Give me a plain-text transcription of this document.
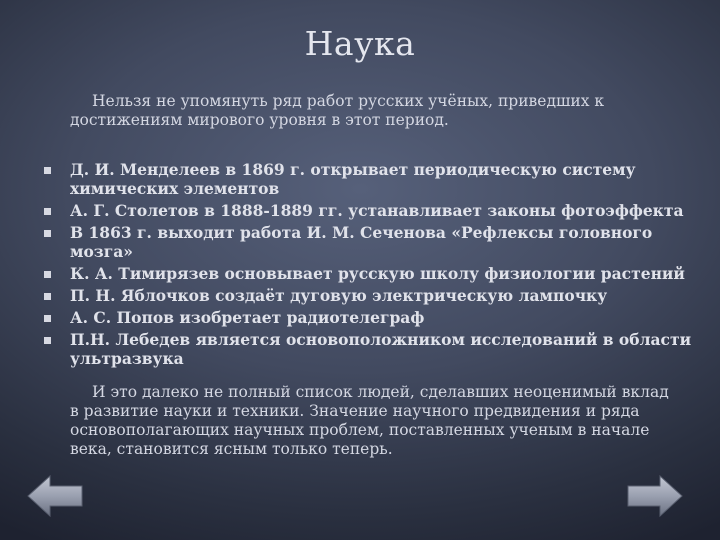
Наука
Нельзя не упомянуть ряд работ русских учёных, приведших к достижениям мирового уровня в этот период.
Д. И. Менделеев в 1869 г. открывает периодическую систему химических элементов
А. Г. Столетов в 1888-1889 гг. устанавливает законы фотоэффекта
В 1863 г. выходит работа И. М. Сеченова «Рефлексы головного мозга»
К. А. Тимирязев основывает русскую школу физиологии растений
П. Н. Яблочков создаёт дуговую электрическую лампочку
А. С. Попов изобретает радиотелеграф
П.Н. Лебедев является основоположником исследований в области ультразвука
И это далеко не полный список людей, сделавших неоценимый вклад в развитие науки и техники. Значение научного предвидения и ряда основополагающих научных проблем, поставленных ученым в начале века, становится ясным только теперь.
